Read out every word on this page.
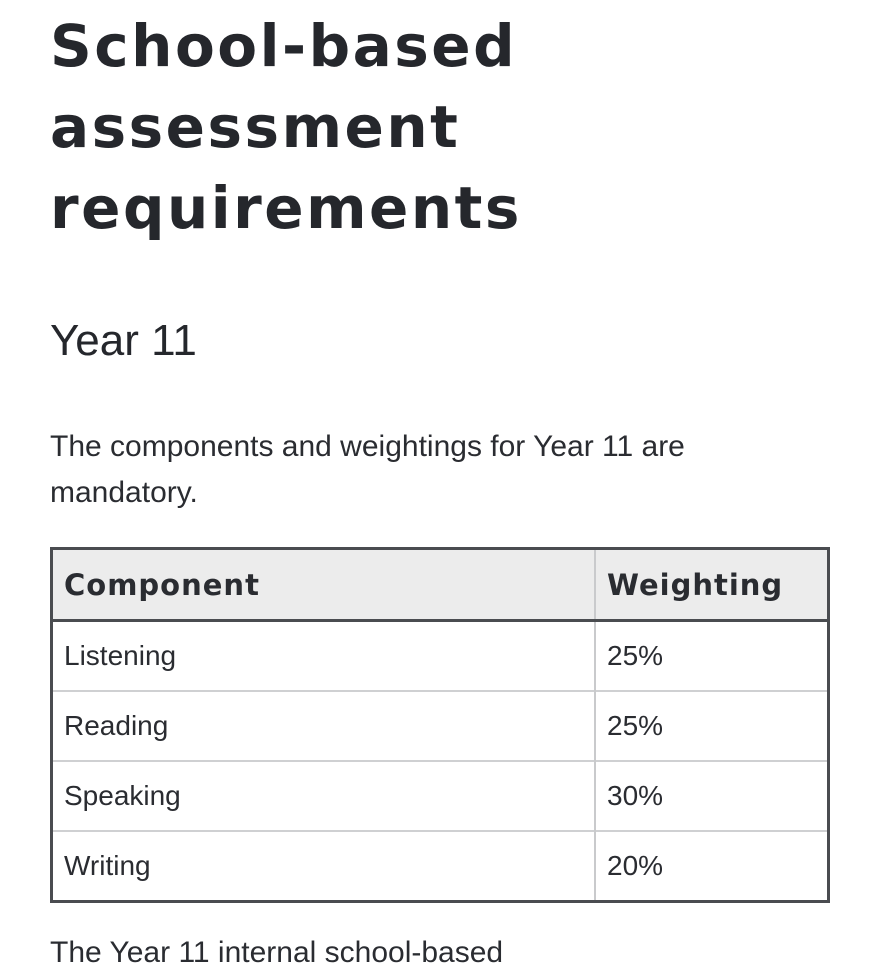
School-based assessment requirements
Year 11

The components and weightings for Year 11 are mandatory.

Component	Weighting
Listening	25%
Reading	25%
Speaking	30%
Writing	20%

The Year 11 internal school-based
